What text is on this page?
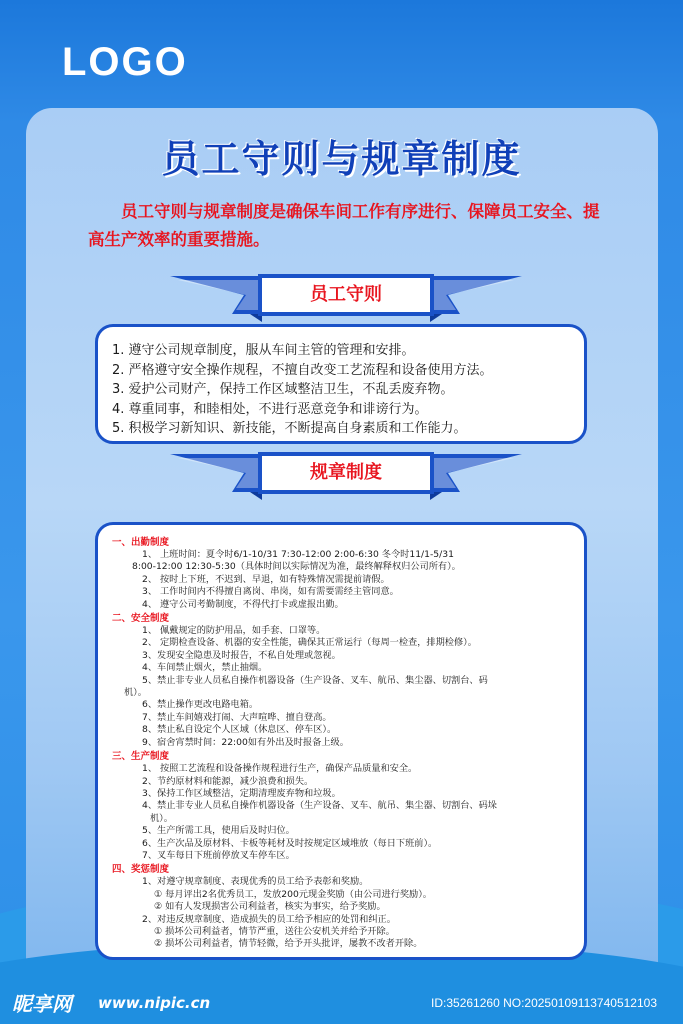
LOGO
员工守则与规章制度
员工守则与规章制度是确保车间工作有序进行、保障员工安全、提高生产效率的重要措施。
员工守则
1. 遵守公司规章制度，服从车间主管的管理和安排。
2. 严格遵守安全操作规程，不擅自改变工艺流程和设备使用方法。
3. 爱护公司财产，保持工作区域整洁卫生，不乱丢废弃物。
4. 尊重同事，和睦相处，不进行恶意竞争和诽谤行为。
5. 积极学习新知识、新技能，不断提高自身素质和工作能力。
规章制度
一、出勤制度
1、 上班时间：夏令时6/1-10/31 7:30-12:00 2:00-6:30 冬令时11/1-5/31
8:00-12:00 12:30-5:30（具体时间以实际情况为准，最终解释权归公司所有）。
2、 按时上下班，不迟到、早退，如有特殊情况需提前请假。
3、 工作时间内不得擅自离岗、串岗，如有需要需经主管同意。
4、 遵守公司考勤制度，不得代打卡或虚报出勤。
二、安全制度
1、 佩戴规定的防护用品，如手套、口罩等。
2、 定期检查设备、机器的安全性能，确保其正常运行（每周一检查，排期检修）。
3、发现安全隐患及时报告，不私自处理或忽视。
4、车间禁止烟火，禁止抽烟。
5、禁止非专业人员私自操作机器设备（生产设备、叉车、航吊、集尘器、切割台、码
机）。
6、禁止操作更改电路电箱。
7、禁止车间嬉戏打闹、大声喧哗、擅自登高。
8、禁止私自设定个人区域（休息区、停车区）。
9、宿舍宵禁时间：22:00如有外出及时报备上级。
三、生产制度
1、 按照工艺流程和设备操作规程进行生产，确保产品质量和安全。
2、节约原材料和能源，减少浪费和损失。
3、保持工作区域整洁，定期清理废弃物和垃圾。
4、禁止非专业人员私自操作机器设备（生产设备、叉车、航吊、集尘器、切割台、码垛
机）。
5、生产所需工具，使用后及时归位。
6、生产次品及原材料、卡板等耗材及时按规定区域堆放（每日下班前）。
7、叉车每日下班前停放叉车停车区。
四、奖惩制度
1、对遵守规章制度、表现优秀的员工给予表彰和奖励。
① 每月评出2名优秀员工，发放200元现金奖励（由公司进行奖励）。
② 如有人发现损害公司利益者，核实为事实，给予奖励。
2、对违反规章制度、造成损失的员工给予相应的处罚和纠正。
① 损坏公司利益者，情节严重，送往公安机关并给予开除。
② 损坏公司利益者，情节轻微，给予开头批评，屡教不改者开除。
昵享网 www.nipic.cn	ID:35261260 NO:20250109113740512103
